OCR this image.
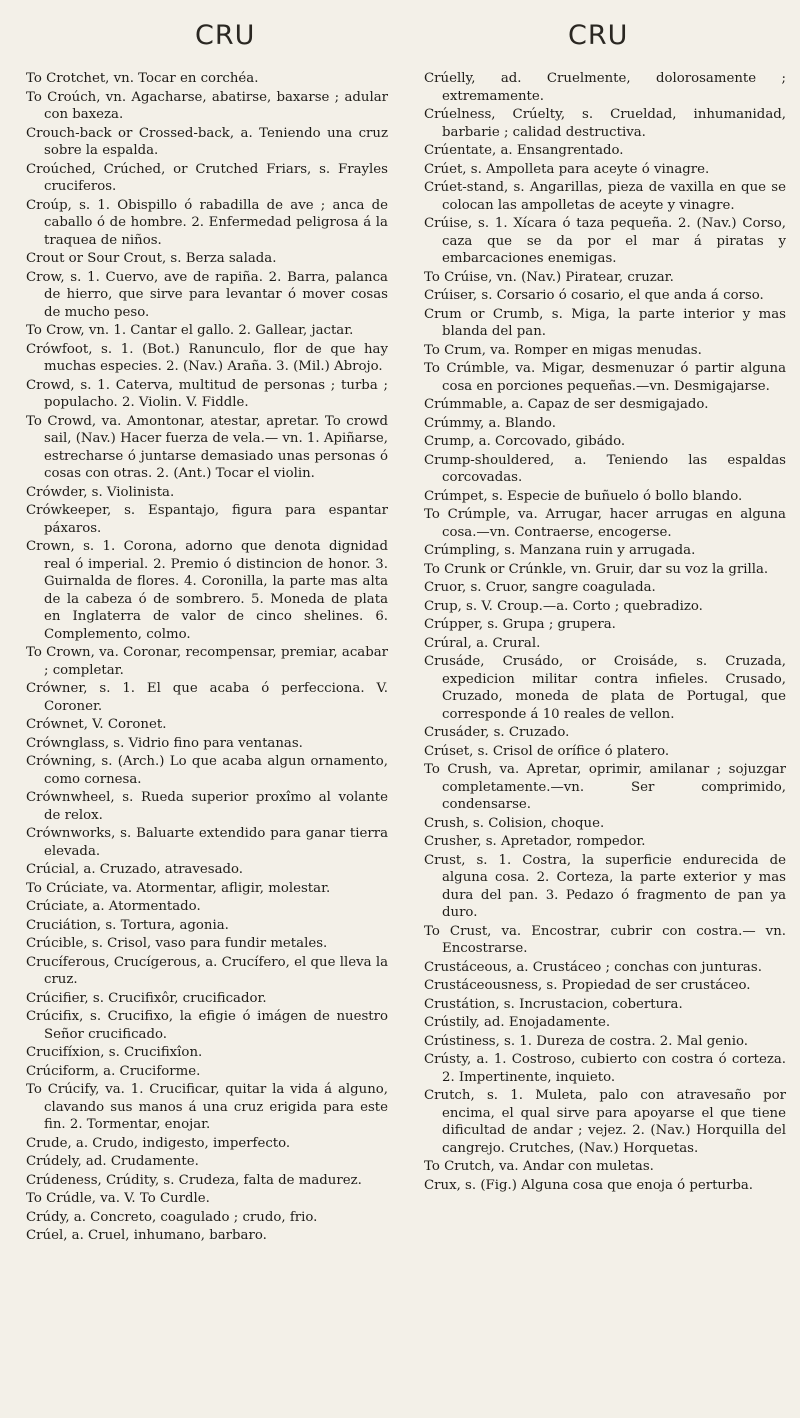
CRU	CRU
To Crotchet, vn. Tocar en corchéa.
To Croúch, vn. Agacharse, abatirse, baxarse ; adular con baxeza.
Crouch-back or Crossed-back, a. Teniendo una cruz sobre la espalda.
Croúched, Crúched, or Crutched Friars, s. Frayles cruciferos.
Croúp, s. 1. Obispillo ó rabadilla de ave ; anca de caballo ó de hombre. 2. Enfermedad peligrosa á la traquea de niños.
Crout or Sour Crout, s. Berza salada.
Crow, s. 1. Cuervo, ave de rapiña. 2. Barra, palanca de hierro, que sirve para levantar ó mover cosas de mucho peso.
To Crow, vn. 1. Cantar el gallo. 2. Gallear, jactar.
Crówfoot, s. 1. (Bot.) Ranunculo, flor de que hay muchas especies. 2. (Nav.) Araña. 3. (Mil.) Abrojo.
Crowd, s. 1. Caterva, multitud de personas ; turba ; populacho. 2. Violin. V. Fiddle.
To Crowd, va. Amontonar, atestar, apretar. To crowd sail, (Nav.) Hacer fuerza de vela.— vn. 1. Apiñarse, estrecharse ó juntarse demasiado unas personas ó cosas con otras. 2. (Ant.) Tocar el violin.
Crówder, s. Violinista.
Crówkeeper, s. Espantajo, figura para espantar páxaros.
Crown, s. 1. Corona, adorno que denota dignidad real ó imperial. 2. Premio ó distincion de honor. 3. Guirnalda de flores. 4. Coronilla, la parte mas alta de la cabeza ó de sombrero. 5. Moneda de plata en Inglaterra de valor de cinco shelines. 6. Complemento, colmo.
To Crown, va. Coronar, recompensar, premiar, acabar ; completar.
Crówner, s. 1. El que acaba ó perfecciona. V. Coroner.
Crównet, V. Coronet.
Crównglass, s. Vidrio fino para ventanas.
Crówning, s. (Arch.) Lo que acaba algun ornamento, como cornesa.
Crównwheel, s. Rueda superior proxîmo al volante de relox.
Crównworks, s. Baluarte extendido para ganar tierra elevada.
Crúcial, a. Cruzado, atravesado.
To Crúciate, va. Atormentar, afligir, molestar.
Crúciate, a. Atormentado.
Cruciátion, s. Tortura, agonia.
Crúcible, s. Crisol, vaso para fundir metales.
Crucíferous, Crucígerous, a. Crucífero, el que lleva la cruz.
Crúcifier, s. Crucifixôr, crucificador.
Crúcifix, s. Crucifixo, la efigie ó imágen de nuestro Señor crucificado.
Crucifíxion, s. Crucifixîon.
Crúciform, a. Cruciforme.
To Crúcify, va. 1. Crucificar, quitar la vida á alguno, clavando sus manos á una cruz erigida para este fin. 2. Tormentar, enojar.
Crude, a. Crudo, indigesto, imperfecto.
Crúdely, ad. Crudamente.
Crúdeness, Crúdity, s. Crudeza, falta de madurez.
To Crúdle, va. V. To Curdle.
Crúdy, a. Concreto, coagulado ; crudo, frio.
Crúel, a. Cruel, inhumano, barbaro.
Crúelly, ad. Cruelmente, dolorosamente ; extremamente.
Crúelness, Crúelty, s. Crueldad, inhumanidad, barbarie ; calidad destructiva.
Crúentate, a. Ensangrentado.
Crúet, s. Ampolleta para aceyte ó vinagre.
Crúet-stand, s. Angarillas, pieza de vaxilla en que se colocan las ampolletas de aceyte y vinagre.
Crúise, s. 1. Xícara ó taza pequeña. 2. (Nav.) Corso, caza que se da por el mar á piratas y embarcaciones enemigas.
To Crúise, vn. (Nav.) Piratear, cruzar.
Crúiser, s. Corsario ó cosario, el que anda á corso.
Crum or Crumb, s. Miga, la parte interior y mas blanda del pan.
To Crum, va. Romper en migas menudas.
To Crúmble, va. Migar, desmenuzar ó partir alguna cosa en porciones pequeñas.—vn. Desmigajarse.
Crúmmable, a. Capaz de ser desmigajado.
Crúmmy, a. Blando.
Crump, a. Corcovado, gibádo.
Crump-shouldered, a. Teniendo las espaldas corcovadas.
Crúmpet, s. Especie de buñuelo ó bollo blando.
To Crúmple, va. Arrugar, hacer arrugas en alguna cosa.—vn. Contraerse, encogerse.
Crúmpling, s. Manzana ruin y arrugada.
To Crunk or Crúnkle, vn. Gruir, dar su voz la grilla.
Cruor, s. Cruor, sangre coagulada.
Crup, s. V. Croup.—a. Corto ; quebradizo.
Crúpper, s. Grupa ; grupera.
Crúral, a. Crural.
Crusáde, Crusádo, or Croisáde, s. Cruzada, expedicion militar contra infieles. Crusado, Cruzado, moneda de plata de Portugal, que corresponde á 10 reales de vellon.
Crusáder, s. Cruzado.
Crúset, s. Crisol de orífice ó platero.
To Crush, va. Apretar, oprimir, amilanar ; sojuzgar completamente.—vn. Ser comprimido, condensarse.
Crush, s. Colision, choque.
Crusher, s. Apretador, rompedor.
Crust, s. 1. Costra, la superficie endurecida de alguna cosa. 2. Corteza, la parte exterior y mas dura del pan. 3. Pedazo ó fragmento de pan ya duro.
To Crust, va. Encostrar, cubrir con costra.— vn. Encostrarse.
Crustáceous, a. Crustáceo ; conchas con junturas.
Crustáceousness, s. Propiedad de ser crustáceo.
Crustátion, s. Incrustacion, cobertura.
Crústily, ad. Enojadamente.
Crústiness, s. 1. Dureza de costra. 2. Mal genio.
Crústy, a. 1. Costroso, cubierto con costra ó corteza. 2. Impertinente, inquieto.
Crutch, s. 1. Muleta, palo con atravesaño por encima, el qual sirve para apoyarse el que tiene dificultad de andar ; vejez. 2. (Nav.) Horquilla del cangrejo. Crutches, (Nav.) Horquetas.
To Crutch, va. Andar con muletas.
Crux, s. (Fig.) Alguna cosa que enoja ó perturba.
